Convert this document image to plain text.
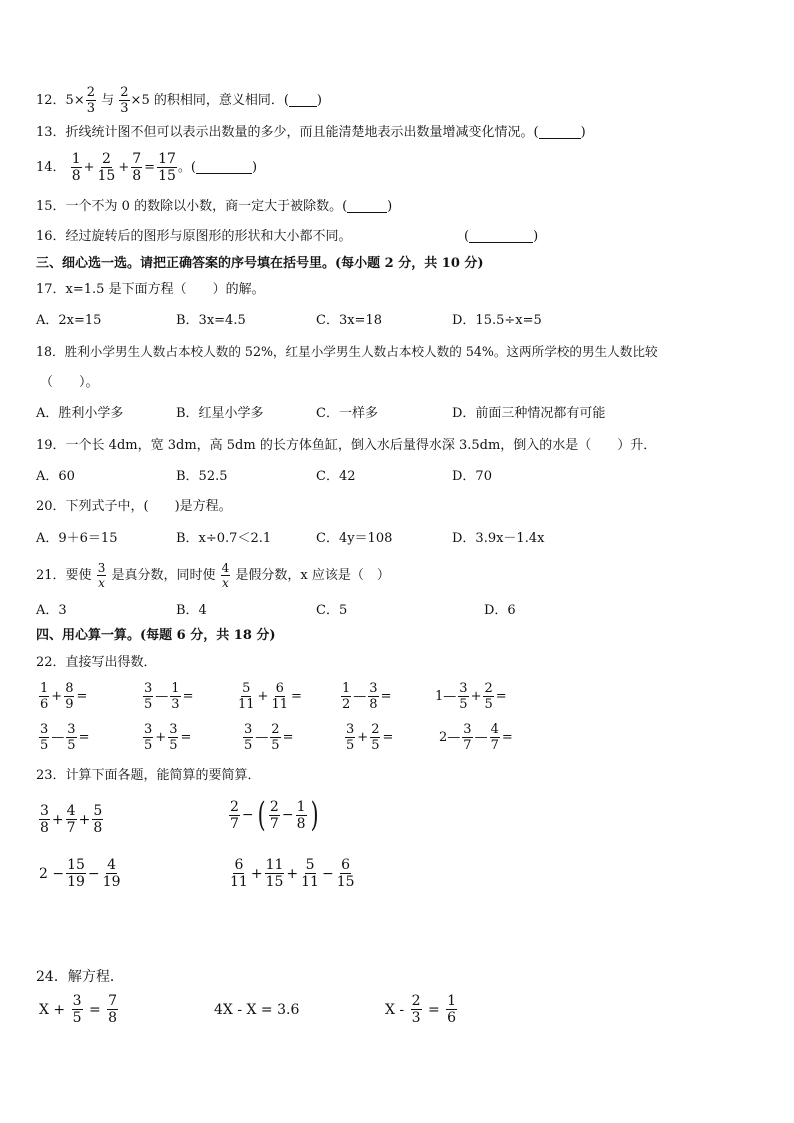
12．$5\times \frac{2}{3}$ 与 $\frac{2}{3} \times 5$ 的积相同，意义相同．( )
13．折线统计图不但可以表示出数量的多少，而且能清楚地表示出数量增减变化情况。(	)
14． $\frac{1}{8} + \frac{2}{15} + \frac{7}{8} = \frac{17}{15}$ 。(	)
15．一个不为 0 的数除以小数，商一定大于被除数。(	)
16．经过旋转后的图形与原图形的形状和大小都不同。	(	)
三、细心选一选。请把正确答案的序号填在括号里。(每小题 2 分，共 10 分)
17．x=1.5 是下面方程（　　）的解。
A．2x=15	B．3x=4.5	C．3x=18	D．15.5÷x=5
18．胜利小学男生人数占本校人数的 52%，红星小学男生人数占本校人数的 54%。这两所学校的男生人数比较
（　　）。
A．胜利小学多	B．红星小学多	C．一样多	D．前面三种情况都有可能
19．一个长 4dm，宽 3dm，高 5dm 的长方体鱼缸，倒入水后量得水深 3.5dm，倒入的水是（　　）升．
A．60	B．52.5	C．42	D．70
20．下列式子中，(　　)是方程。
A．9＋6＝15	B．x÷0.7＜2.1	C．4y＝108	D．3.9x－1.4x
21．要使 $\frac{3}{x}$ 是真分数，同时使 $\frac{4}{x}$ 是假分数，x 应该是（　）
A．3	B．4	C．5	D．6
四、用心算一算。(每题 6 分，共 18 分)
22．直接写出得数．
$\frac{1}{6} + \frac{8}{9}$ =	$\frac{3}{5}$ — $\frac{1}{3}$ =	$\frac{5}{11} + \frac{6}{11}$ =	$\frac{1}{2}$ — $\frac{3}{8}$ =	1— $\frac{3}{5} + \frac{2}{5}$ =
$\frac{3}{5}$ — $\frac{3}{5}$ =	$\frac{3}{5} + \frac{3}{5}$ =	$\frac{3}{5}$ — $\frac{2}{5}$ =	$\frac{3}{5} + \frac{2}{5}$ =	2— $\frac{3}{7}$ — $\frac{4}{7}$ =
23．计算下面各题，能简算的要简算．
$\frac{3}{8} + \frac{4}{7} + \frac{5}{8}$	$\frac{2}{7}$ − ( $\frac{2}{7} - \frac{1}{8}$ )
$2 - \frac{15}{19} - \frac{4}{19}$	$\frac{6}{11} + \frac{11}{15} + \frac{5}{11} - \frac{6}{15}$
24．解方程．
$X + \frac{3}{5} = \frac{7}{8}$	4X - X = 3.6	$X - \frac{2}{3} = \frac{1}{6}$
